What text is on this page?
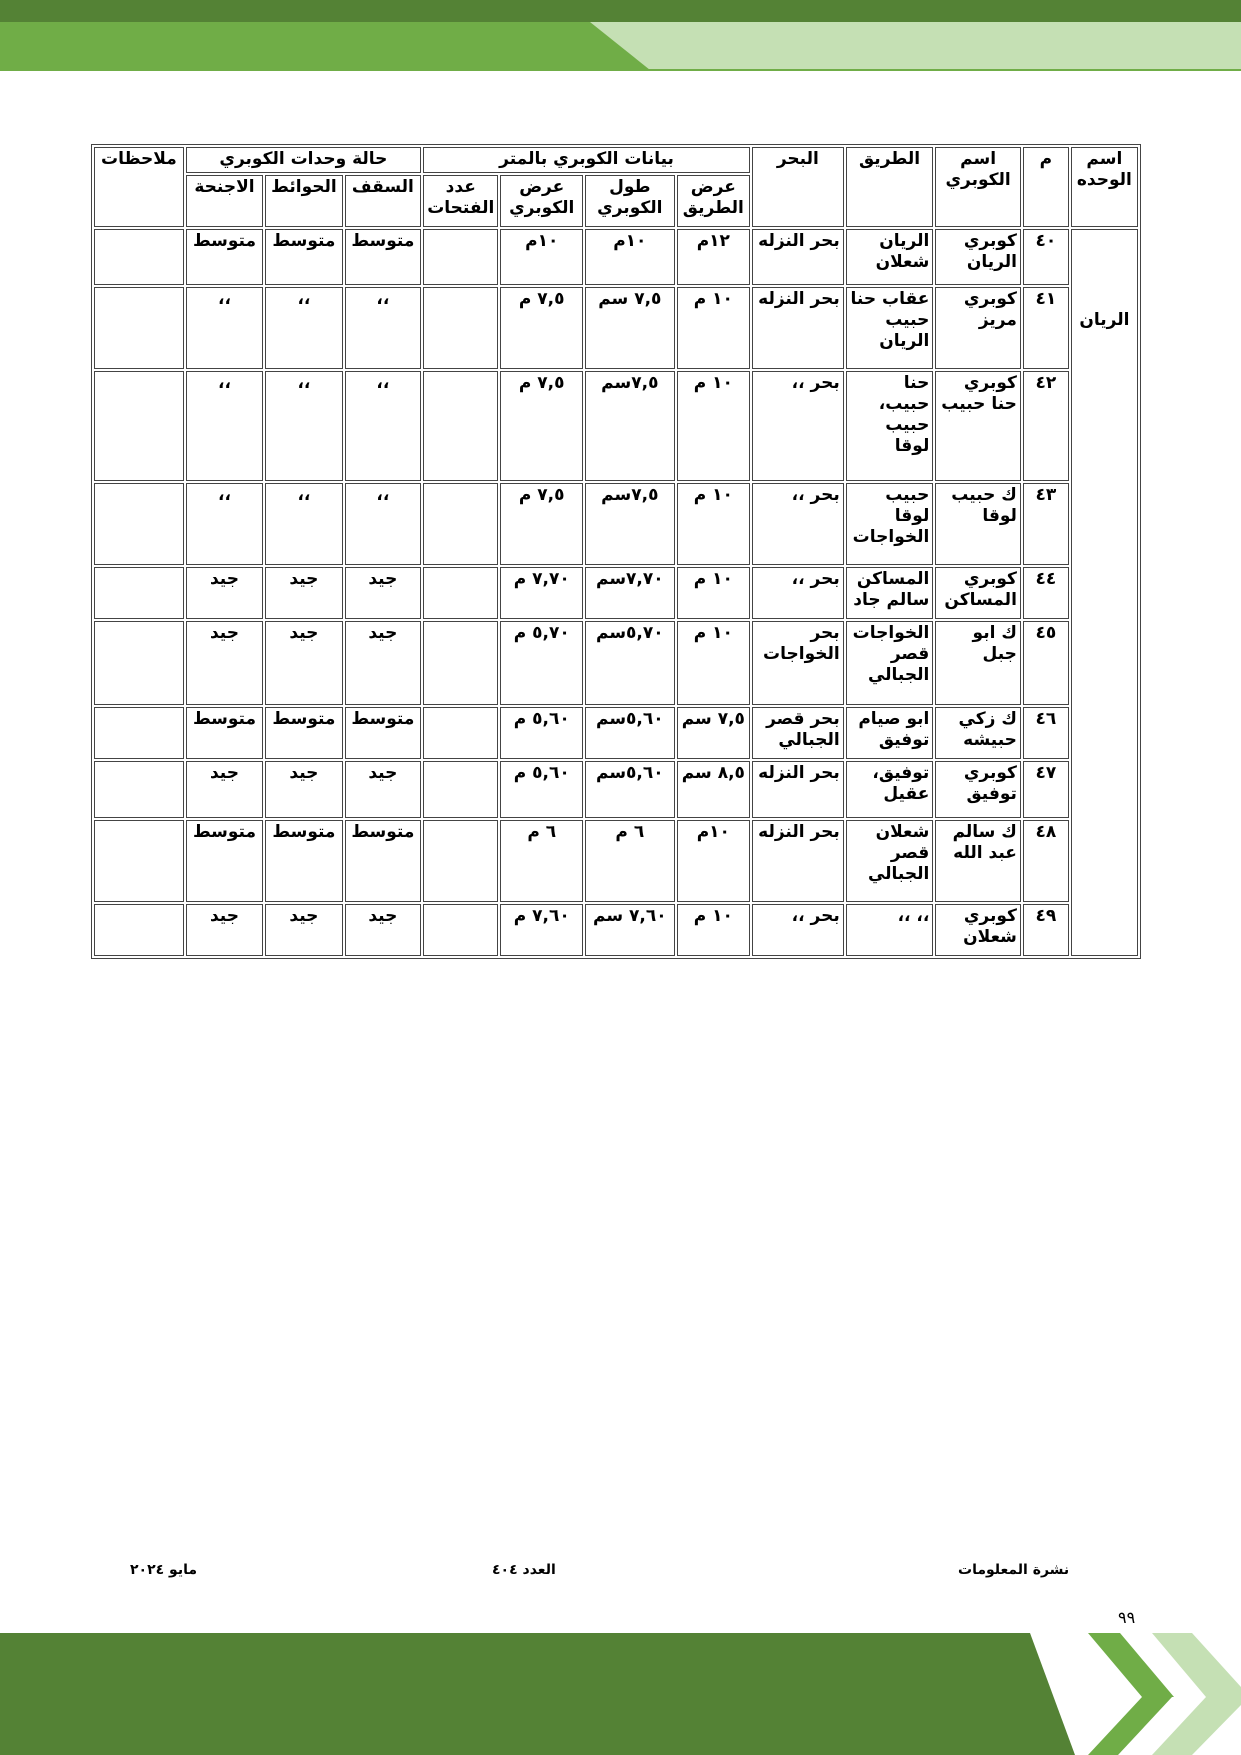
اسم الوحده	م	اسم الكوبري	الطريق	البحر	بيانات الكوبري بالمتر				حالة وحدات الكوبري			ملاحظات
					عرض الطريق	طول الكوبري	عرض الكوبري	عدد الفتحات	السقف	الحوائط	الاجنحة	
الريان	٤٠	كوبري الريان	الريان شعلان	بحر النزله	١٢م	١٠م	١٠م		متوسط	متوسط	متوسط	
	٤١	كوبري مريز	عقاب حنا حبيب الريان	بحر النزله	١٠ م	٧,٥ سم	٧,٥ م		،،	،،	،،	
	٤٢	كوبري حنا حبيب	حنا حبيب، حبيب لوقا	بحر ،،	١٠ م	٧,٥سم	٧,٥ م		،،	،،	،،	
	٤٣	ك حبيب لوقا	حبيب لوقا الخواجات	بحر ،،	١٠ م	٧,٥سم	٧,٥ م		،،	،،	،،	
	٤٤	كوبري المساكن	المساكن سالم جاد	بحر ،،	١٠ م	٧,٧٠سم	٧,٧٠ م		جيد	جيد	جيد	
	٤٥	ك ابو جبل	الخواجات قصر الجبالي	بحر الخواجات	١٠ م	٥,٧٠سم	٥,٧٠ م		جيد	جيد	جيد	
	٤٦	ك زكي حبيشه	ابو صيام توفيق	بحر قصر الجبالي	٧,٥ سم	٥,٦٠سم	٥,٦٠ م		متوسط	متوسط	متوسط	
	٤٧	كوبري توفيق	توفيق، عقيل	بحر النزله	٨,٥ سم	٥,٦٠سم	٥,٦٠ م		جيد	جيد	جيد	
	٤٨	ك سالم عبد الله	شعلان قصر الجبالي	بحر النزله	١٠م	٦ م	٦ م		متوسط	متوسط	متوسط	
	٤٩	كوبري شعلان	،، ،،	بحر ،،	١٠ م	٧,٦٠ سم	٧,٦٠ م		جيد	جيد	جيد	
نشرة المعلومات
العدد ٤٠٤
مايو ٢٠٢٤
٩٩
